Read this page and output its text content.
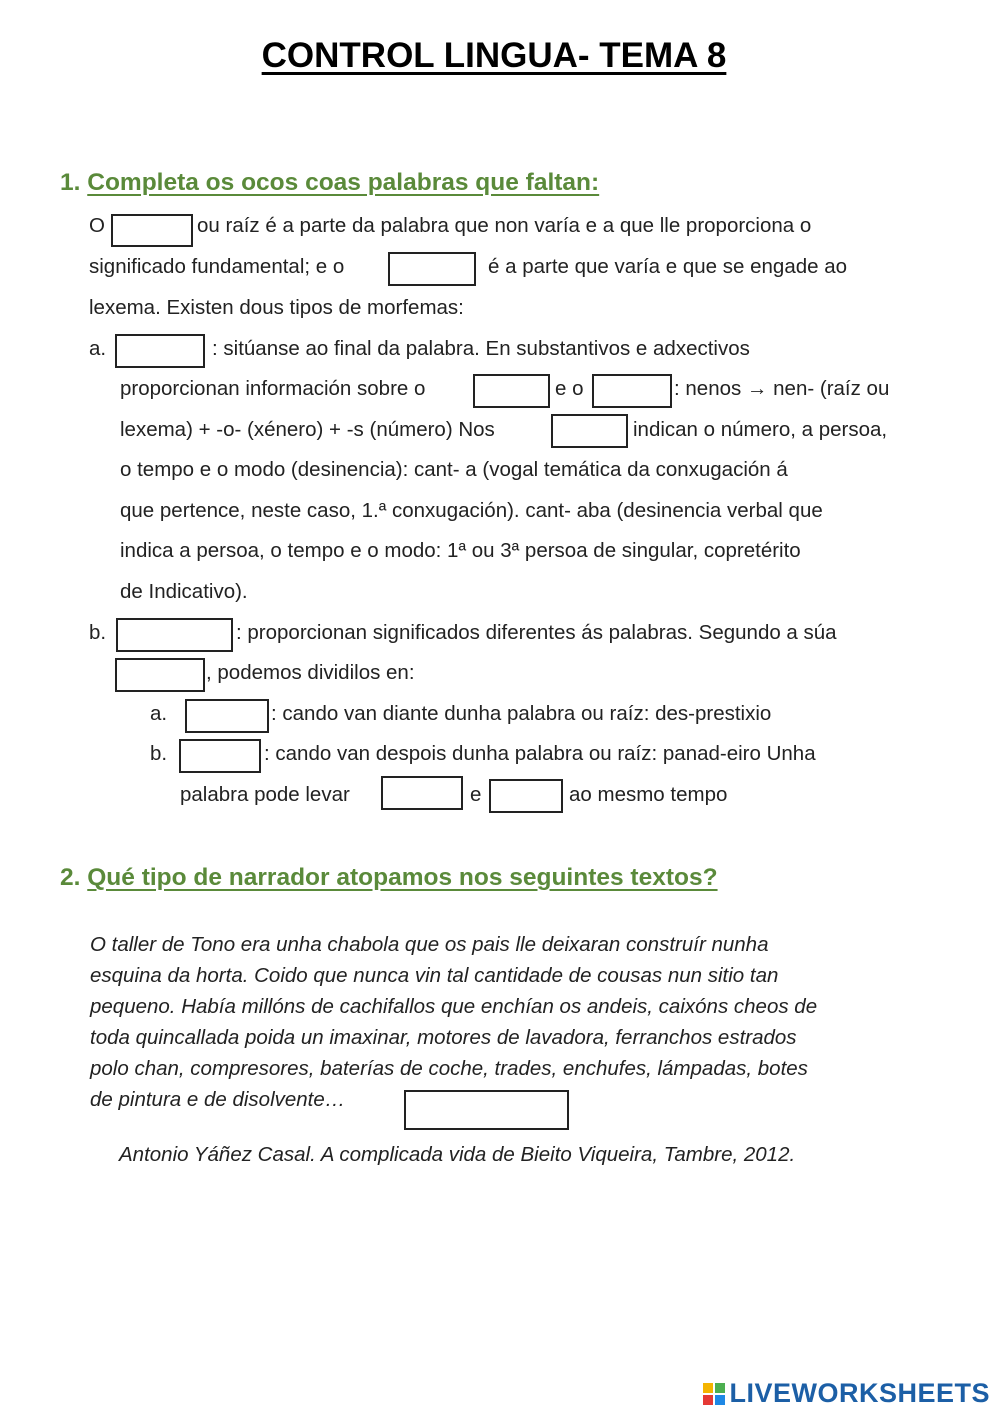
CONTROL LINGUA- TEMA 8
1. Completa os ocos coas palabras que faltan:
O	ou raíz é a parte da palabra que non varía e a que lle proporciona o
significado fundamental; e o	é a parte que varía e que se engade ao
lexema. Existen dous tipos de morfemas:
a.	: sitúanse ao final da palabra. En substantivos e adxectivos
proporcionan información sobre o	e o	: nenos → nen- (raíz ou
lexema) + -o- (xénero) + -s (número) Nos	indican o número, a persoa,
o tempo e o modo (desinencia): cant- a (vogal temática da conxugación á
que pertence, neste caso, 1.ª conxugación). cant- aba (desinencia verbal que
indica a persoa, o tempo e o modo: 1ª ou 3ª persoa de singular, copretérito
de Indicativo).
b.	: proporcionan significados diferentes ás palabras. Segundo a súa
, podemos dividilos en:
a.	: cando van diante dunha palabra ou raíz: des-prestixio
b.	: cando van despois dunha palabra ou raíz: panad-eiro Unha
palabra pode levar	e	ao mesmo tempo
2. Qué tipo de narrador atopamos nos seguintes textos?
O taller de Tono era unha chabola que os pais lle deixaran construír nunha
esquina da horta. Coido que nunca vin tal cantidade de cousas nun sitio tan
pequeno. Había millóns de cachifallos que enchían os andeis, caixóns cheos de
toda quincallada poida un imaxinar, motores de lavadora, ferranchos estrados
polo chan, compresores, baterías de coche, trades, enchufes, lámpadas, botes
de pintura e de disolvente…
Antonio Yáñez Casal. A complicada vida de Bieito Viqueira, Tambre, 2012.
LIVEWORKSHEETS
